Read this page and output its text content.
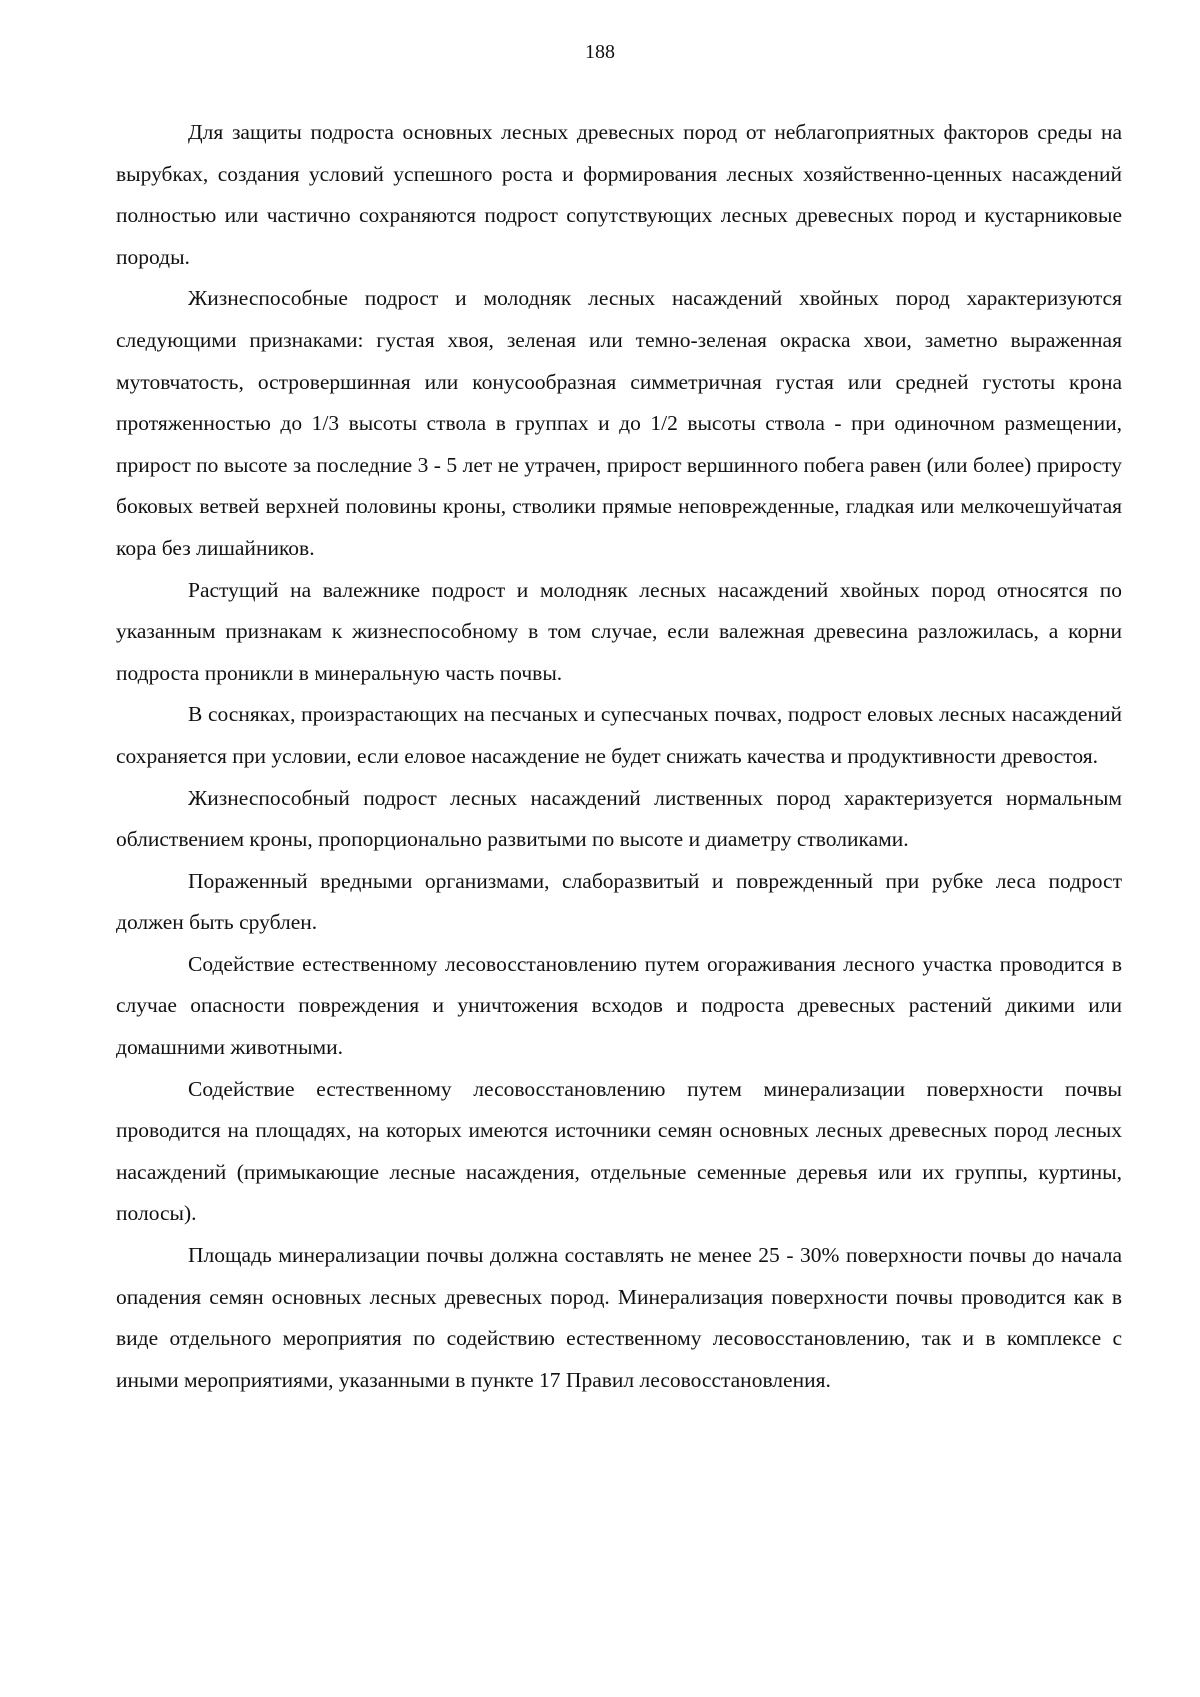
188

Для защиты подроста основных лесных древесных пород от неблагоприятных факторов среды на вырубках, создания условий успешного роста и формирования лесных хозяйственно-ценных насаждений полностью или частично сохраняются подрост сопутствующих лесных древесных пород и кустарниковые породы.

Жизнеспособные подрост и молодняк лесных насаждений хвойных пород характеризуются следующими признаками: густая хвоя, зеленая или темно-зеленая окраска хвои, заметно выраженная мутовчатость, островершинная или конусообразная симметричная густая или средней густоты крона протяженностью до 1/3 высоты ствола в группах и до 1/2 высоты ствола - при одиночном размещении, прирост по высоте за последние 3 - 5 лет не утрачен, прирост вершинного побега равен (или более) приросту боковых ветвей верхней половины кроны, стволики прямые неповрежденные, гладкая или мелкочешуйчатая кора без лишайников.

Растущий на валежнике подрост и молодняк лесных насаждений хвойных пород относятся по указанным признакам к жизнеспособному в том случае, если валежная древесина разложилась, а корни подроста проникли в минеральную часть почвы.

В сосняках, произрастающих на песчаных и супесчаных почвах, подрост еловых лесных насаждений сохраняется при условии, если еловое насаждение не будет снижать качества и продуктивности древостоя.

Жизнеспособный подрост лесных насаждений лиственных пород характеризуется нормальным облиствением кроны, пропорционально развитыми по высоте и диаметру стволиками.

Пораженный вредными организмами, слаборазвитый и поврежденный при рубке леса подрост должен быть срублен.

Содействие естественному лесовосстановлению путем огораживания лесного участка проводится в случае опасности повреждения и уничтожения всходов и подроста древесных растений дикими или домашними животными.

Содействие естественному лесовосстановлению путем минерализации поверхности почвы проводится на площадях, на которых имеются источники семян основных лесных древесных пород лесных насаждений (примыкающие лесные насаждения, отдельные семенные деревья или их группы, куртины, полосы).

Площадь минерализации почвы должна составлять не менее 25 - 30% поверхности почвы до начала опадения семян основных лесных древесных пород. Минерализация поверхности почвы проводится как в виде отдельного мероприятия по содействию естественному лесовосстановлению, так и в комплексе с иными мероприятиями, указанными в пункте 17 Правил лесовосстановления.
